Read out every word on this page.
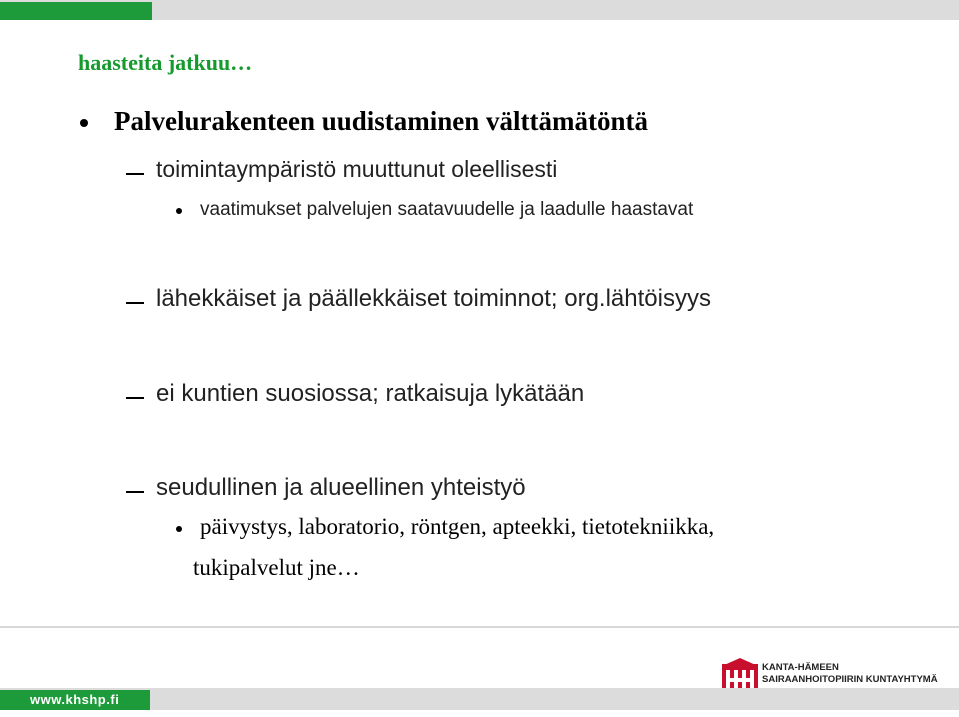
haasteita jatkuu…
Palvelurakenteen uudistaminen välttämätöntä
toimintaympäristö muuttunut oleellisesti
vaatimukset palvelujen saatavuudelle ja laadulle haastavat
lähekkäiset ja päällekkäiset toiminnot; org.lähtöisyys
ei kuntien suosiossa; ratkaisuja lykätään
seudullinen ja alueellinen yhteistyö
päivystys, laboratorio, röntgen, apteekki, tietotekniikka,
tukipalvelut jne…
KANTA-HÄMEEN
SAIRAANHOITOPIIRIN KUNTAYHTYMÄ
www.khshp.fi
